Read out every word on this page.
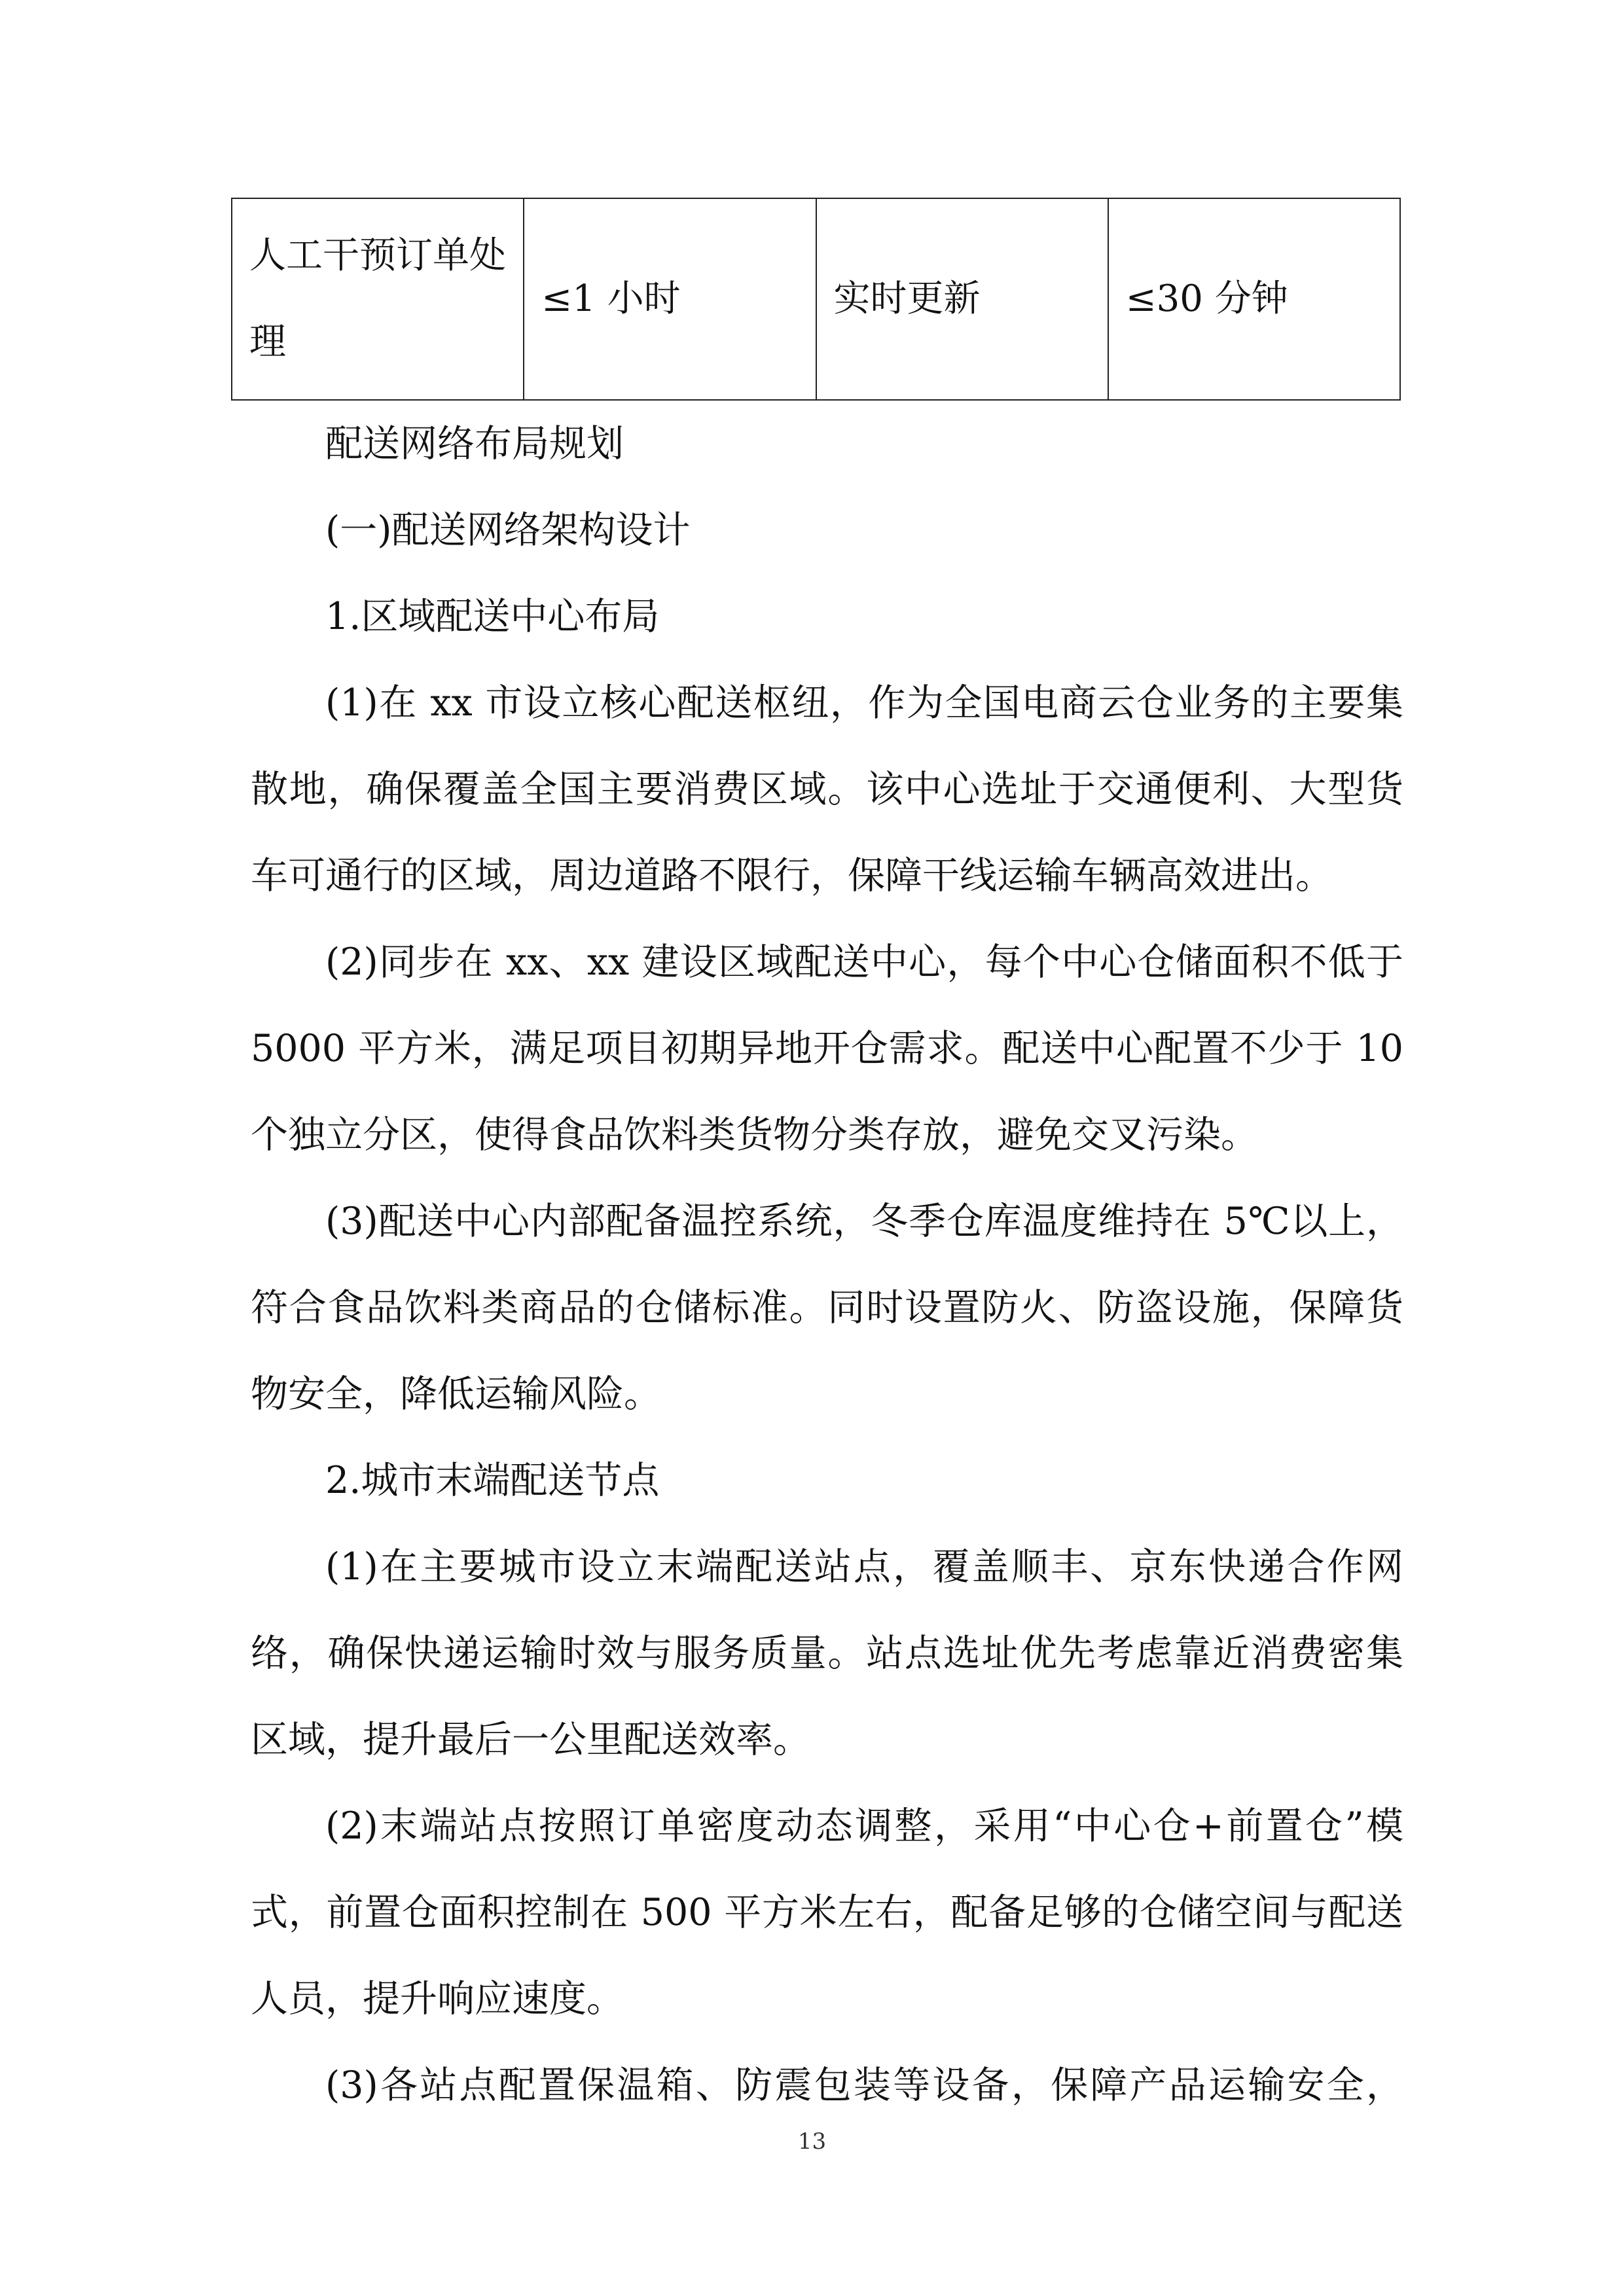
人工干预订单处理	≤1 小时	实时更新	≤30 分钟
配送网络布局规划
(一)配送网络架构设计
1.区域配送中心布局
(1)在 xx 市设立核心配送枢纽，作为全国电商云仓业务的主要集
散地，确保覆盖全国主要消费区域。该中心选址于交通便利、大型货
车可通行的区域，周边道路不限行，保障干线运输车辆高效进出。
(2)同步在 xx、xx 建设区域配送中心，每个中心仓储面积不低于
5000 平方米，满足项目初期异地开仓需求。配送中心配置不少于 10
个独立分区，使得食品饮料类货物分类存放，避免交叉污染。
(3)配送中心内部配备温控系统，冬季仓库温度维持在 5℃以上，
符合食品饮料类商品的仓储标准。同时设置防火、防盗设施，保障货
物安全，降低运输风险。
2.城市末端配送节点
(1)在主要城市设立末端配送站点，覆盖顺丰、京东快递合作网
络，确保快递运输时效与服务质量。站点选址优先考虑靠近消费密集
区域，提升最后一公里配送效率。
(2)末端站点按照订单密度动态调整，采用“中心仓+前置仓”模
式，前置仓面积控制在 500 平方米左右，配备足够的仓储空间与配送
人员，提升响应速度。
(3)各站点配置保温箱、防震包装等设备，保障产品运输安全，
13
